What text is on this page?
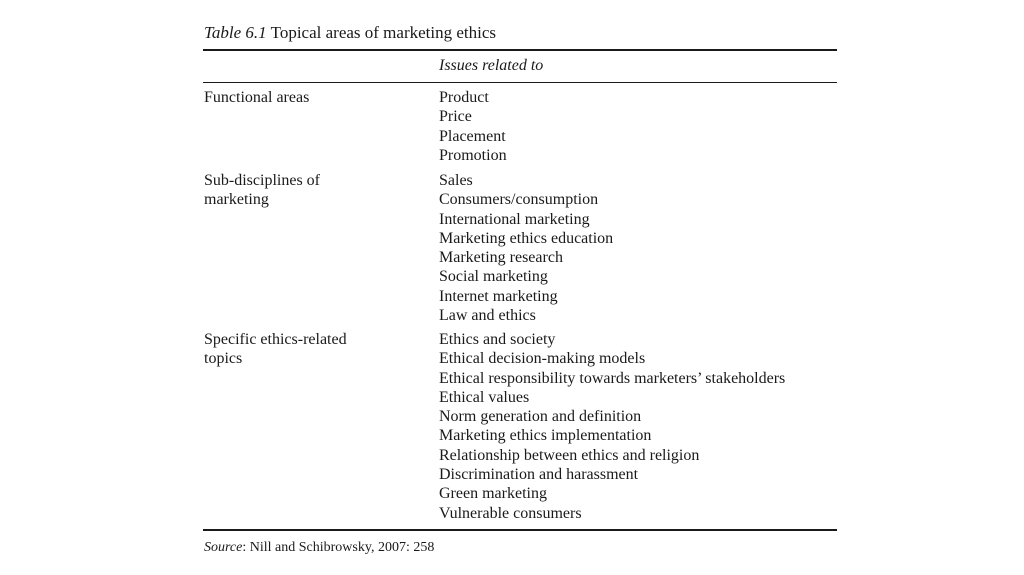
Table 6.1 Topical areas of marketing ethics
Issues related to
Functional areas	Product
Price
Placement
Promotion
Sub-disciplines of
marketing
Sales
Consumers/consumption
International marketing
Marketing ethics education
Marketing research
Social marketing
Internet marketing
Law and ethics
Specific ethics-related
topics
Ethics and society
Ethical decision-making models
Ethical responsibility towards marketers’ stakeholders
Ethical values
Norm generation and definition
Marketing ethics implementation
Relationship between ethics and religion
Discrimination and harassment
Green marketing
Vulnerable consumers
Source: Nill and Schibrowsky, 2007: 258
